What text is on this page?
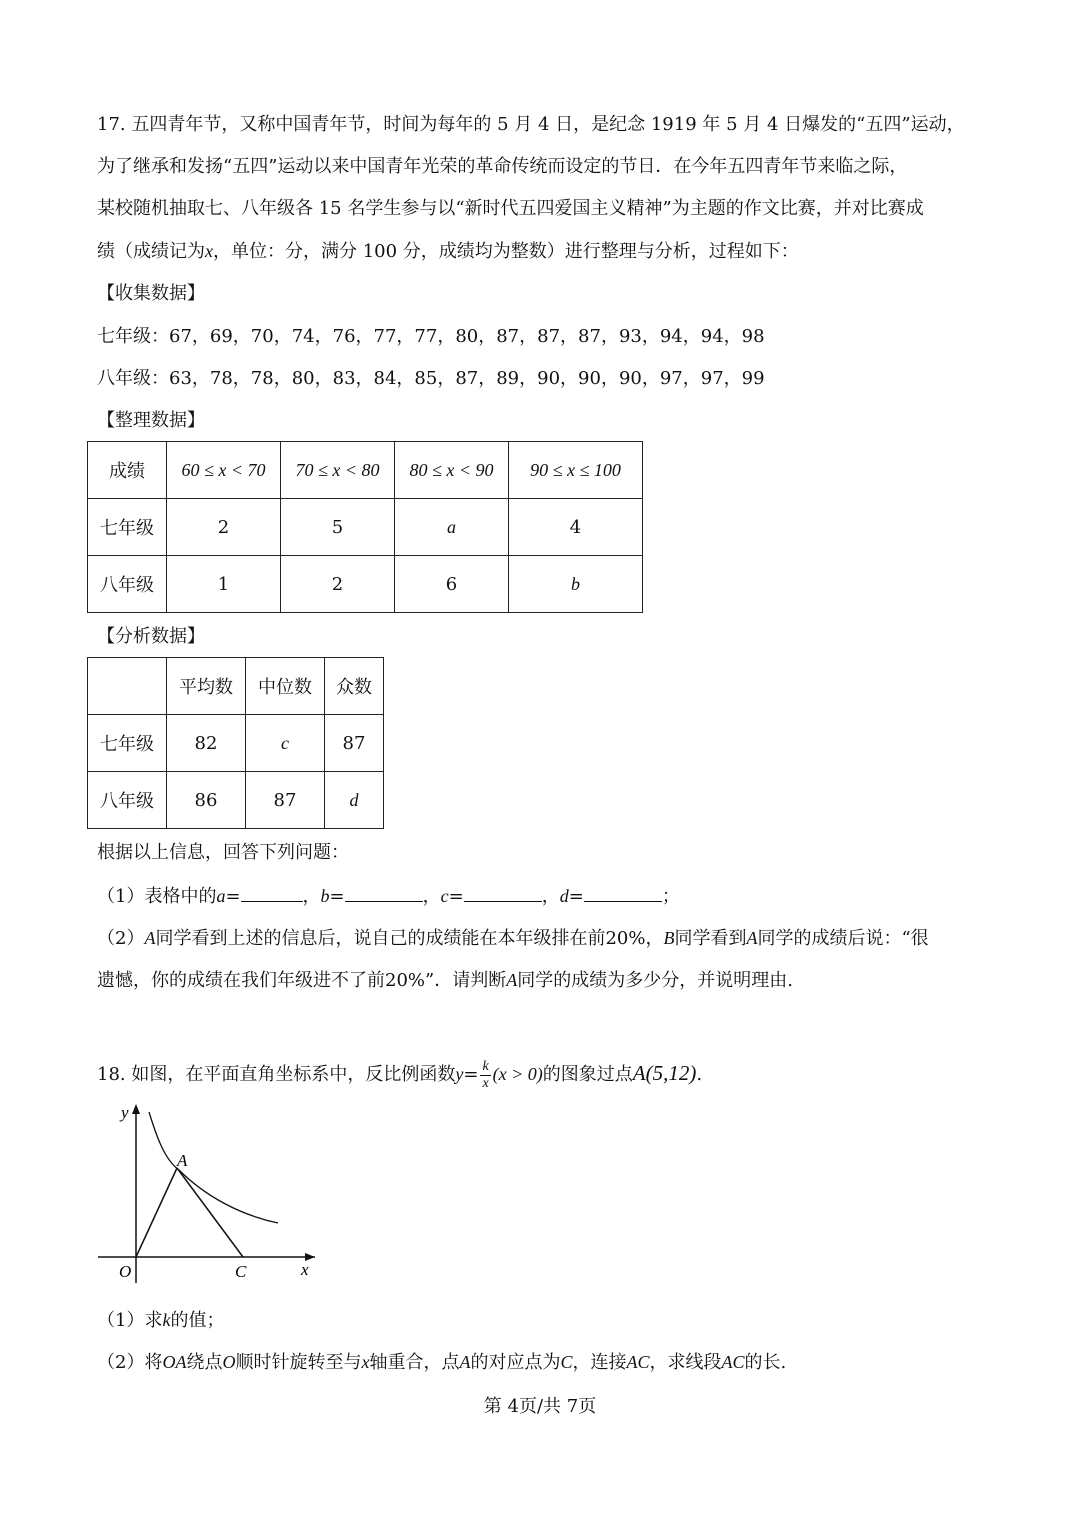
17. 五四青年节，又称中国青年节，时间为每年的 5 月 4 日，是纪念 1919 年 5 月 4 日爆发的“五四”运动，
为了继承和发扬“五四”运动以来中国青年光荣的革命传统而设定的节日．在今年五四青年节来临之际，
某校随机抽取七、八年级各 15 名学生参与以“新时代五四爱国主义精神”为主题的作文比赛，并对比赛成
绩（成绩记为x，单位：分，满分 100 分，成绩均为整数）进行整理与分析，过程如下：
【收集数据】
七年级：67，69，70，74，76，77，77，80，87，87，87，93，94，94，98
八年级：63，78，78，80，83，84，85，87，89，90，90，90，97，97，99
【整理数据】
成绩	60 ≤ x < 70	70 ≤ x < 80	80 ≤ x < 90	90 ≤ x ≤ 100
七年级	2	5	a	4
八年级	1	2	6	b
【分析数据】
	平均数	中位数	众数
七年级	82	c	87
八年级	86	87	d
根据以上信息，回答下列问题：
（1）表格中的a=	，b=	，c=	，d=	；
（2）A同学看到上述的信息后，说自己的成绩能在本年级排在前20%，B同学看到A同学的成绩后说：“很
遗憾，你的成绩在我们年级进不了前20%”．请判断A同学的成绩为多少分，并说明理由.
18. 如图，在平面直角坐标系中，反比例函数$y= \frac{k}{x} (x > 0)$的图象过点A(5,12).
y
A
O	C	x
（1）求k的值；
（2）将OA绕点O顺时针旋转至与x轴重合，点A的对应点为C，连接AC，求线段AC的长.
第 4页/共 7页
